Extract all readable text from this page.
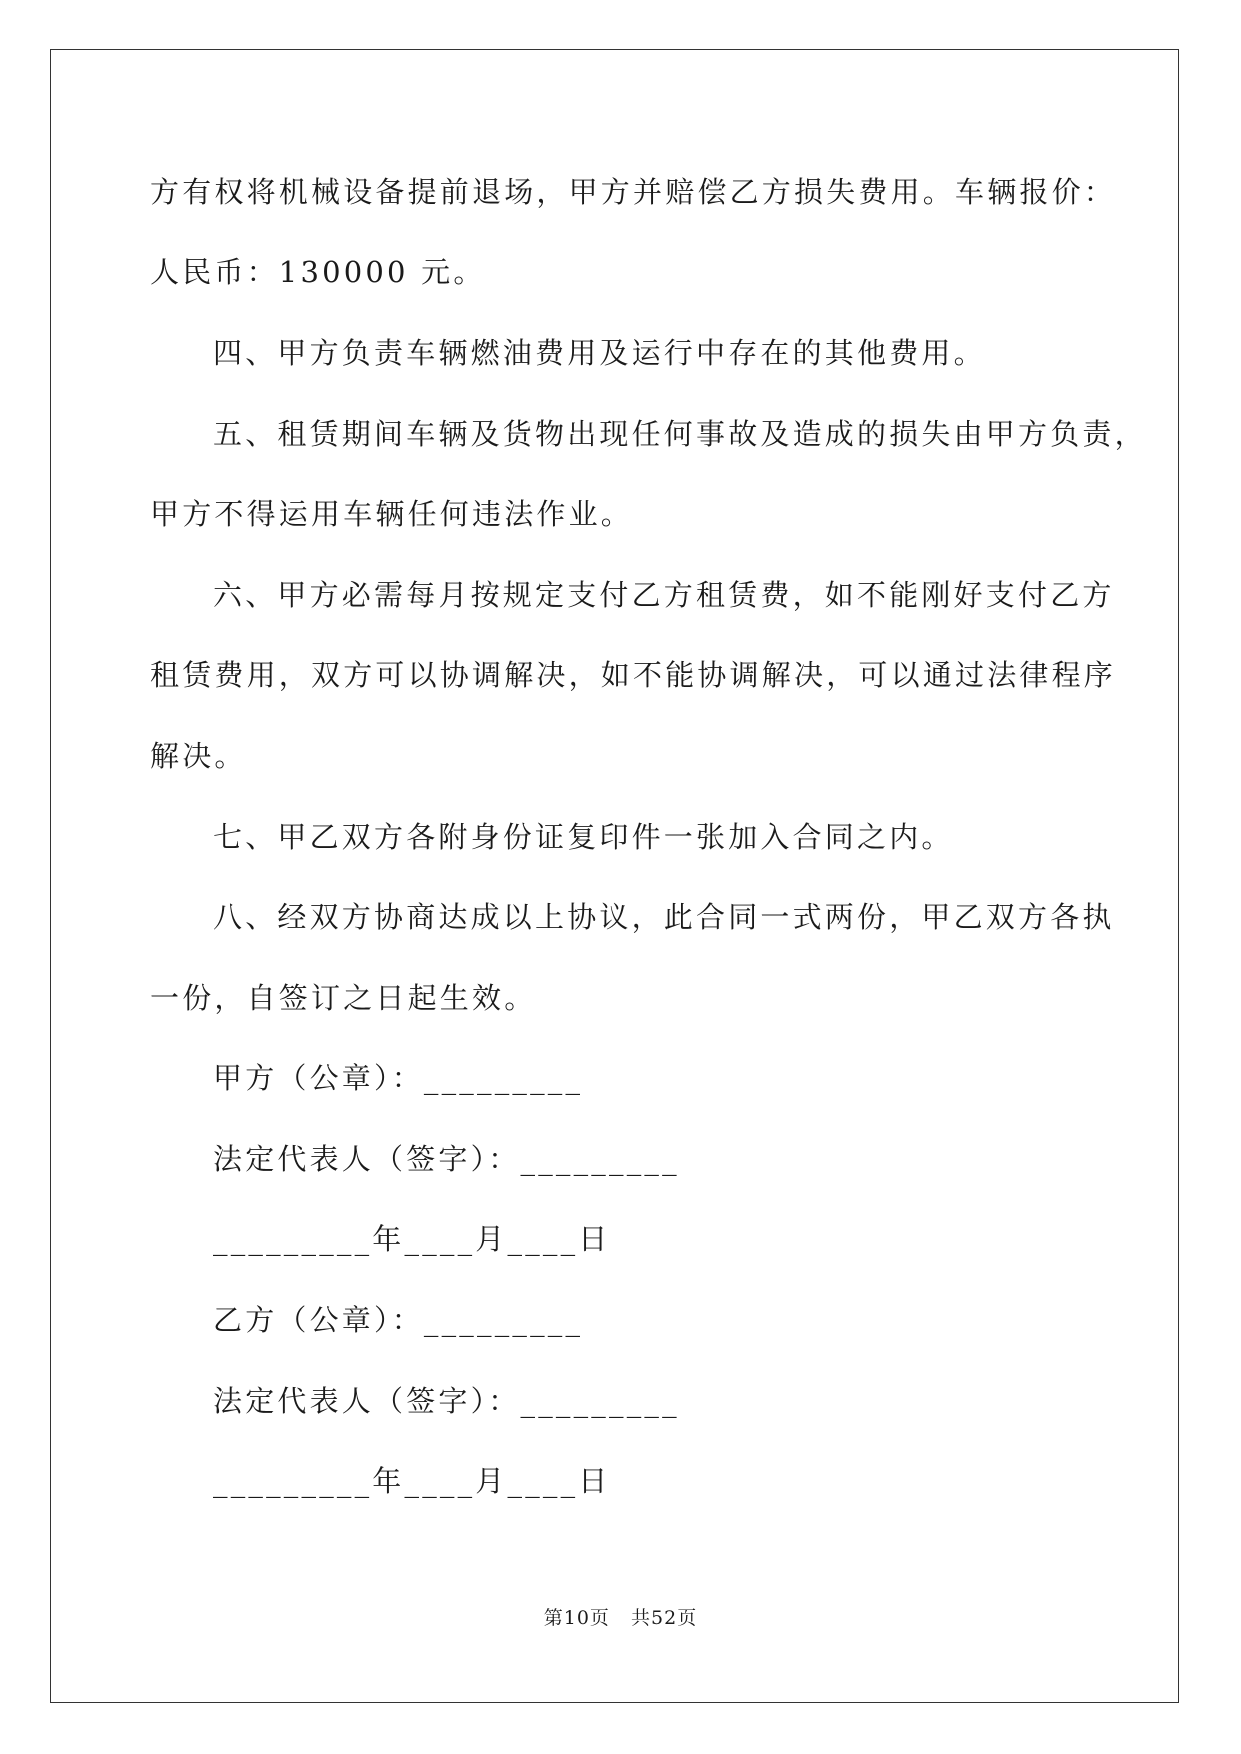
方有权将机械设备提前退场，甲方并赔偿乙方损失费用。车辆报价：
人民币：130000 元。
四、甲方负责车辆燃油费用及运行中存在的其他费用。
五、租赁期间车辆及货物出现任何事故及造成的损失由甲方负责，
甲方不得运用车辆任何违法作业。
六、甲方必需每月按规定支付乙方租赁费，如不能刚好支付乙方
租赁费用，双方可以协调解决，如不能协调解决，可以通过法律程序
解决。
七、甲乙双方各附身份证复印件一张加入合同之内。
八、经双方协商达成以上协议，此合同一式两份，甲乙双方各执
一份，自签订之日起生效。
甲方（公章）：_________
法定代表人（签字）：_________
_________年____月____日
乙方（公章）：_________
法定代表人（签字）：_________
_________年____月____日
第10页   共52页
